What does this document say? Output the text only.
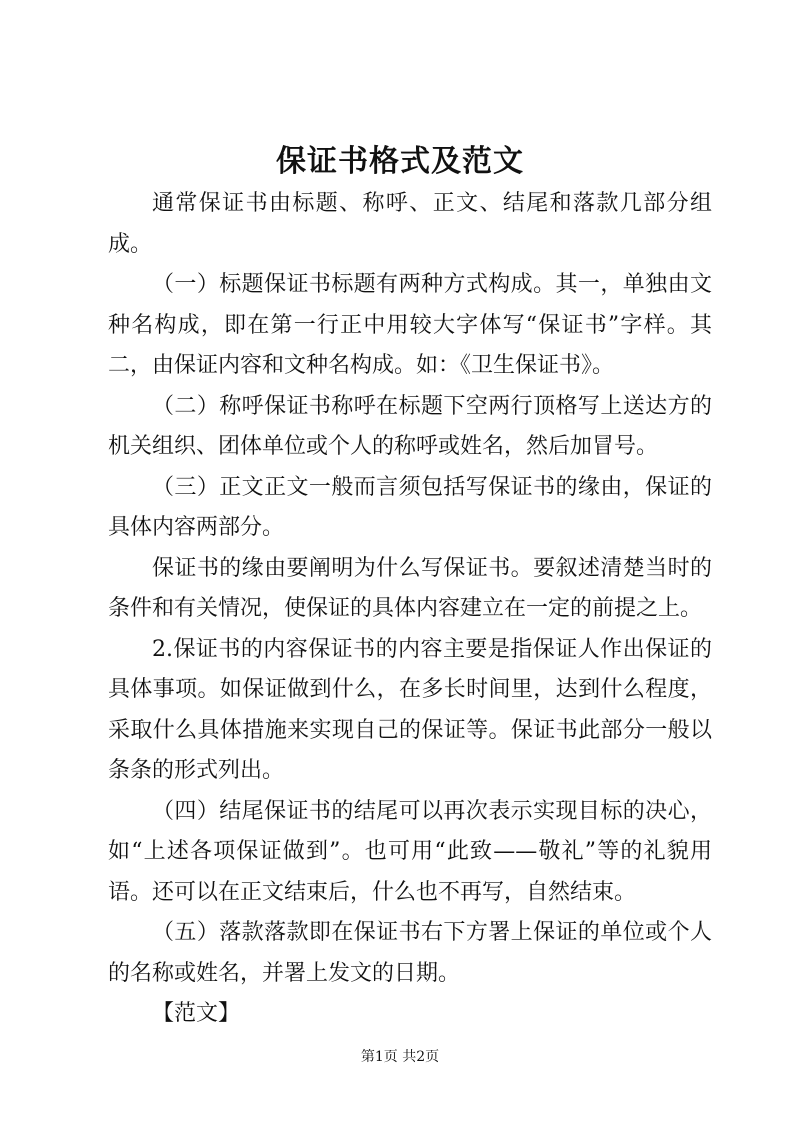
保证书格式及范文

通常保证书由标题、称呼、正文、结尾和落款几部分组成。

（一）标题保证书标题有两种方式构成。其一，单独由文种名构成，即在第一行正中用较大字体写“保证书”字样。其二，由保证内容和文种名构成。如：《卫生保证书》。

（二）称呼保证书称呼在标题下空两行顶格写上送达方的机关组织、团体单位或个人的称呼或姓名，然后加冒号。

（三）正文正文一般而言须包括写保证书的缘由，保证的具体内容两部分。

保证书的缘由要阐明为什么写保证书。要叙述清楚当时的条件和有关情况，使保证的具体内容建立在一定的前提之上。

2.保证书的内容保证书的内容主要是指保证人作出保证的具体事项。如保证做到什么，在多长时间里，达到什么程度，采取什么具体措施来实现自己的保证等。保证书此部分一般以条条的形式列出。

（四）结尾保证书的结尾可以再次表示实现目标的决心，如“上述各项保证做到”。也可用“此致——敬礼”等的礼貌用语。还可以在正文结束后，什么也不再写，自然结束。

（五）落款落款即在保证书右下方署上保证的单位或个人的名称或姓名，并署上发文的日期。

【范文】

第1页 共2页
